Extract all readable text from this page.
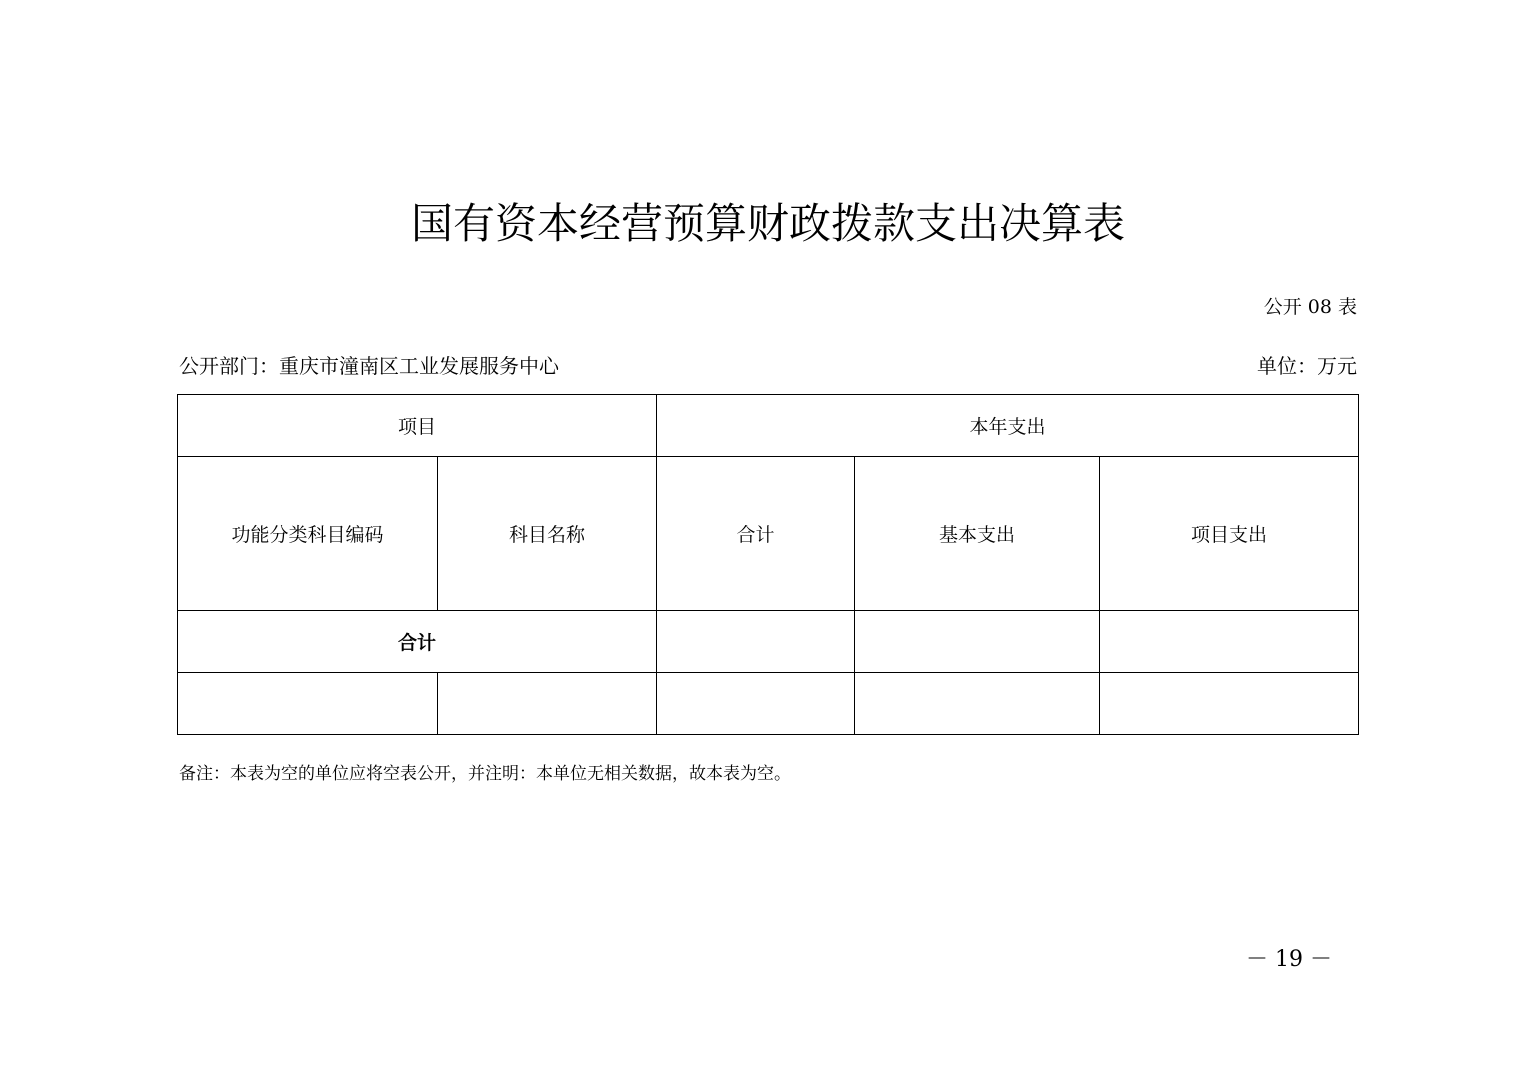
国有资本经营预算财政拨款支出决算表
公开 08 表
公开部门：重庆市潼南区工业发展服务中心	单位：万元
项目		本年支出		
功能分类科目编码	科目名称	合计	基本支出	项目支出
合计				

备注：本表为空的单位应将空表公开，并注明：本单位无相关数据，故本表为空。
－ 19 －
